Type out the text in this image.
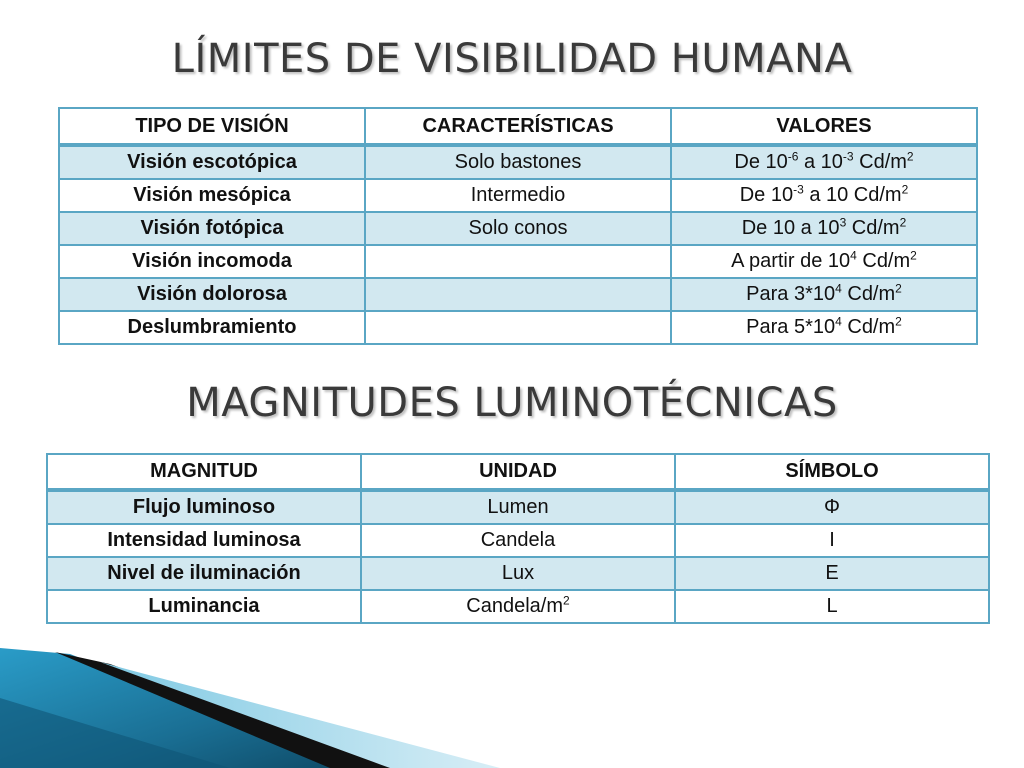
LÍMITES DE VISIBILIDAD HUMANA
TIPO DE VISIÓN	CARACTERÍSTICAS	VALORES
Visión escotópica	Solo bastones	De $10^{-6}$ a $10^{-3}$ $Cd/m^2$
Visión mesópica	Intermedio	De $10^{-3}$ a 10 $Cd/m^2$
Visión fotópica	Solo conos	De 10 a $10^3$ $Cd/m^2$
Visión incomoda		A partir de $10^4$ $Cd/m^2$
Visión dolorosa		Para $3*10^4$ $Cd/m^2$
Deslumbramiento		Para $5*10^4$ $Cd/m^2$
MAGNITUDES LUMINOTÉCNICAS
MAGNITUD	UNIDAD	SÍMBOLO
Flujo luminoso	Lumen	Φ
Intensidad luminosa	Candela	I
Nivel de iluminación	Lux	E
Luminancia	Candela/$m^2$	L
